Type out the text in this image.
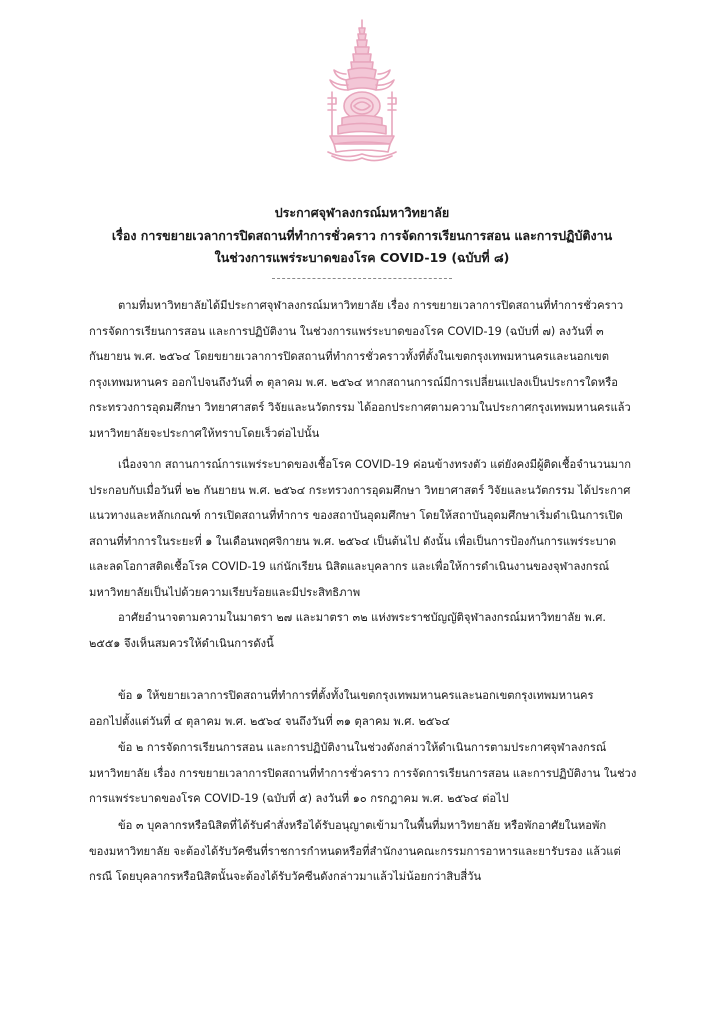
ประกาศจุฬาลงกรณ์มหาวิทยาลัย
เรื่อง การขยายเวลาการปิดสถานที่ทำการชั่วคราว การจัดการเรียนการสอน และการปฏิบัติงาน
ในช่วงการแพร่ระบาดของโรค COVID-19 (ฉบับที่ ๘)
ตามที่มหาวิทยาลัยได้มีประกาศจุฬาลงกรณ์มหาวิทยาลัย เรื่อง การขยายเวลาการปิดสถานที่ทำการชั่วคราว
การจัดการเรียนการสอน และการปฏิบัติงาน ในช่วงการแพร่ระบาดของโรค COVID-19 (ฉบับที่ ๗) ลงวันที่ ๓
กันยายน พ.ศ. ๒๕๖๔ โดยขยายเวลาการปิดสถานที่ทำการชั่วคราวทั้งที่ตั้งในเขตกรุงเทพมหานครและนอกเขต
กรุงเทพมหานคร ออกไปจนถึงวันที่ ๓ ตุลาคม พ.ศ. ๒๕๖๔ หากสถานการณ์มีการเปลี่ยนแปลงเป็นประการใดหรือ
กระทรวงการอุดมศึกษา วิทยาศาสตร์ วิจัยและนวัตกรรม ได้ออกประกาศตามความในประกาศกรุงเทพมหานครแล้ว
มหาวิทยาลัยจะประกาศให้ทราบโดยเร็วต่อไปนั้น
เนื่องจาก สถานการณ์การแพร่ระบาดของเชื้อโรค COVID-19 ค่อนข้างทรงตัว แต่ยังคงมีผู้ติดเชื้อจำนวนมาก
ประกอบกับเมื่อวันที่ ๒๒ กันยายน พ.ศ. ๒๕๖๔ กระทรวงการอุดมศึกษา วิทยาศาสตร์ วิจัยและนวัตกรรม ได้ประกาศ
แนวทางและหลักเกณฑ์ การเปิดสถานที่ทำการ ของสถาบันอุดมศึกษา โดยให้สถาบันอุดมศึกษาเริ่มดำเนินการเปิด
สถานที่ทำการในระยะที่ ๑ ในเดือนพฤศจิกายน พ.ศ. ๒๕๖๔ เป็นต้นไป ดังนั้น เพื่อเป็นการป้องกันการแพร่ระบาด
และลดโอกาสติดเชื้อโรค COVID-19 แก่นักเรียน นิสิตและบุคลากร และเพื่อให้การดำเนินงานของจุฬาลงกรณ์
มหาวิทยาลัยเป็นไปด้วยความเรียบร้อยและมีประสิทธิภาพ
อาศัยอำนาจตามความในมาตรา ๒๗ และมาตรา ๓๒ แห่งพระราชบัญญัติจุฬาลงกรณ์มหาวิทยาลัย พ.ศ.
๒๕๕๑ จึงเห็นสมควรให้ดำเนินการดังนี้
ข้อ ๑ ให้ขยายเวลาการปิดสถานที่ทำการที่ตั้งทั้งในเขตกรุงเทพมหานครและนอกเขตกรุงเทพมหานคร
ออกไปตั้งแต่วันที่ ๔ ตุลาคม พ.ศ. ๒๕๖๔ จนถึงวันที่ ๓๑ ตุลาคม พ.ศ. ๒๕๖๔
ข้อ ๒ การจัดการเรียนการสอน และการปฏิบัติงานในช่วงดังกล่าวให้ดำเนินการตามประกาศจุฬาลงกรณ์
มหาวิทยาลัย เรื่อง การขยายเวลาการปิดสถานที่ทำการชั่วคราว การจัดการเรียนการสอน และการปฏิบัติงาน ในช่วง
การแพร่ระบาดของโรค COVID-19 (ฉบับที่ ๕) ลงวันที่ ๑๐ กรกฎาคม พ.ศ. ๒๕๖๔ ต่อไป
ข้อ ๓ บุคลากรหรือนิสิตที่ได้รับคำสั่งหรือได้รับอนุญาตเข้ามาในพื้นที่มหาวิทยาลัย หรือพักอาศัยในหอพัก
ของมหาวิทยาลัย จะต้องได้รับวัคซีนที่ราชการกำหนดหรือที่สำนักงานคณะกรรมการอาหารและยารับรอง แล้วแต่
กรณี โดยบุคลากรหรือนิสิตนั้นจะต้องได้รับวัคซีนดังกล่าวมาแล้วไม่น้อยกว่าสิบสี่วัน
